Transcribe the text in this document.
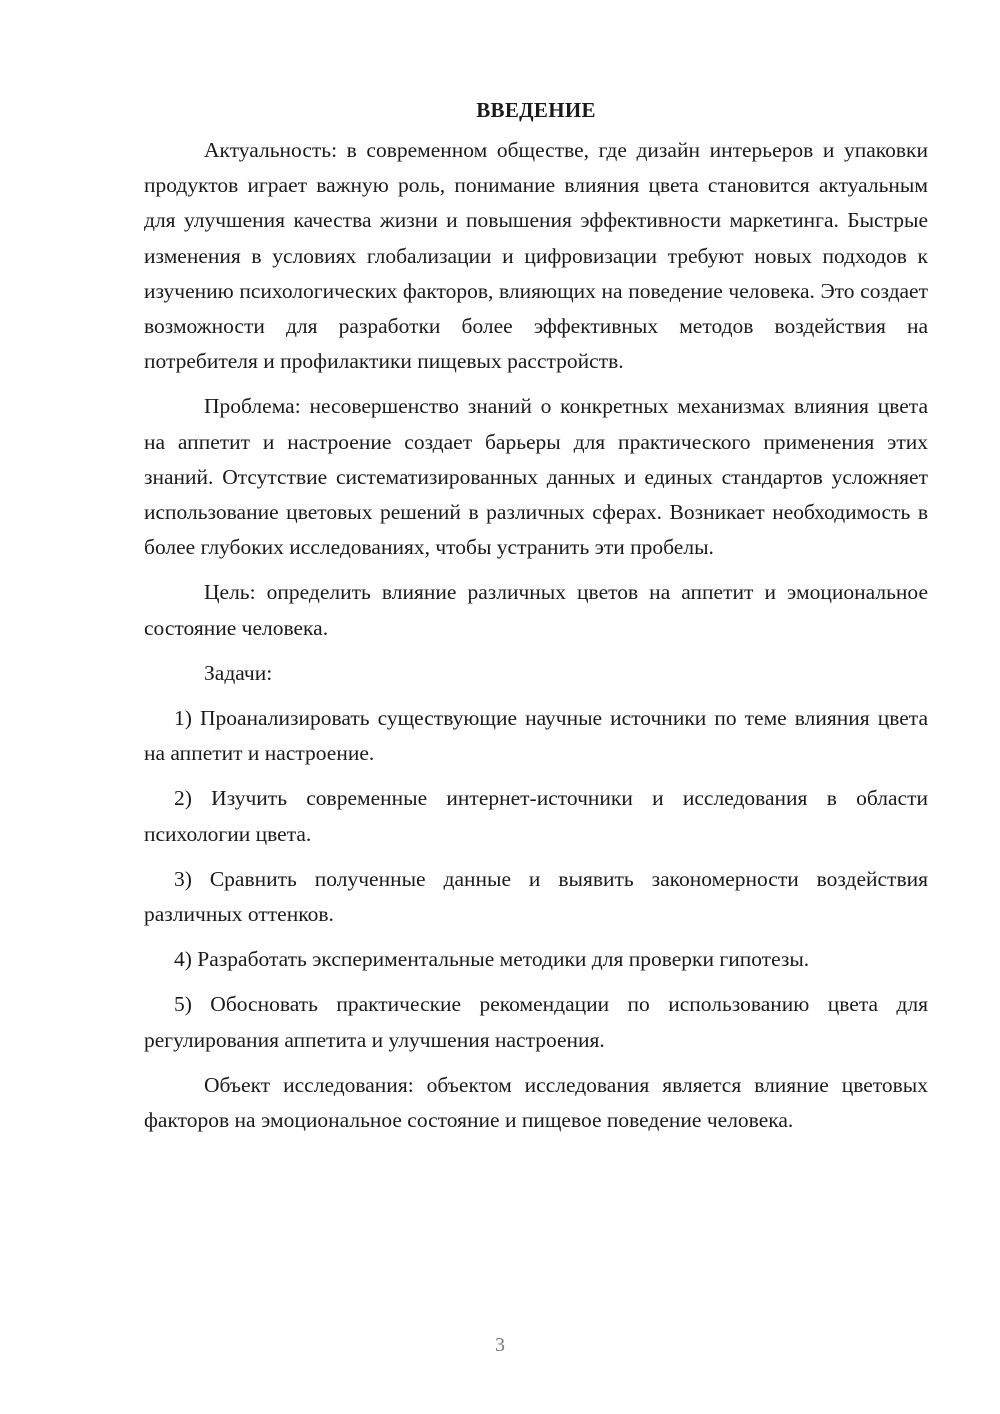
ВВЕДЕНИЕ

Актуальность: в современном обществе, где дизайн интерьеров и упаковки продуктов играет важную роль, понимание влияния цвета становится актуальным для улучшения качества жизни и повышения эффективности маркетинга. Быстрые изменения в условиях глобализации и цифровизации требуют новых подходов к изучению психологических факторов, влияющих на поведение человека. Это создает возможности для разработки более эффективных методов воздействия на потребителя и профилактики пищевых расстройств.

Проблема: несовершенство знаний о конкретных механизмах влияния цвета на аппетит и настроение создает барьеры для практического применения этих знаний. Отсутствие систематизированных данных и единых стандартов усложняет использование цветовых решений в различных сферах. Возникает необходимость в более глубоких исследованиях, чтобы устранить эти пробелы.

Цель: определить влияние различных цветов на аппетит и эмоциональное состояние человека.

Задачи:

1) Проанализировать существующие научные источники по теме влияния цвета на аппетит и настроение.

2) Изучить современные интернет-источники и исследования в области психологии цвета.

3) Сравнить полученные данные и выявить закономерности воздействия различных оттенков.

4) Разработать экспериментальные методики для проверки гипотезы.

5) Обосновать практические рекомендации по использованию цвета для регулирования аппетита и улучшения настроения.

Объект исследования: объектом исследования является влияние цветовых факторов на эмоциональное состояние и пищевое поведение человека.

3
